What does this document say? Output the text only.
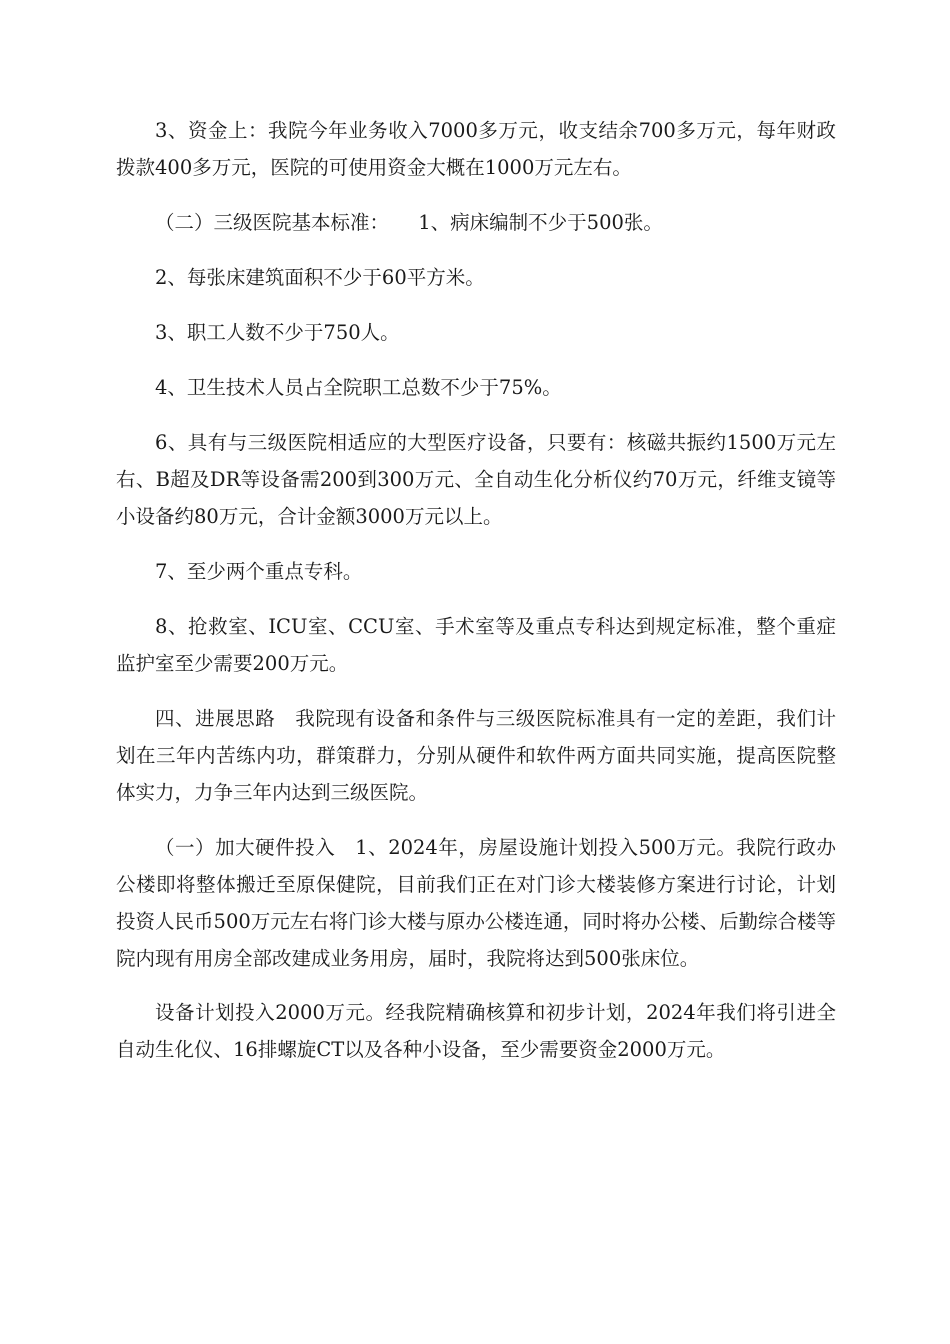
3、资金上：我院今年业务收入7000多万元，收支结余700多万元，每年财政拨款400多万元，医院的可使用资金大概在1000万元左右。

（二）三级医院基本标准：　　1、病床编制不少于500张。

2、每张床建筑面积不少于60平方米。

3、职工人数不少于750人。

4、卫生技术人员占全院职工总数不少于75%。

6、具有与三级医院相适应的大型医疗设备，只要有：核磁共振约1500万元左右、B超及DR等设备需200到300万元、全自动生化分析仪约70万元，纤维支镜等小设备约80万元，合计金额3000万元以上。

7、至少两个重点专科。

8、抢救室、ICU室、CCU室、手术室等及重点专科达到规定标准，整个重症监护室至少需要200万元。

四、进展思路　我院现有设备和条件与三级医院标准具有一定的差距，我们计划在三年内苦练内功，群策群力，分别从硬件和软件两方面共同实施，提高医院整体实力，力争三年内达到三级医院。

（一）加大硬件投入　1、2024年，房屋设施计划投入500万元。我院行政办公楼即将整体搬迁至原保健院，目前我们正在对门诊大楼装修方案进行讨论，计划投资人民币500万元左右将门诊大楼与原办公楼连通，同时将办公楼、后勤综合楼等院内现有用房全部改建成业务用房，届时，我院将达到500张床位。

设备计划投入2000万元。经我院精确核算和初步计划，2024年我们将引进全自动生化仪、16排螺旋CT以及各种小设备，至少需要资金2000万元。
